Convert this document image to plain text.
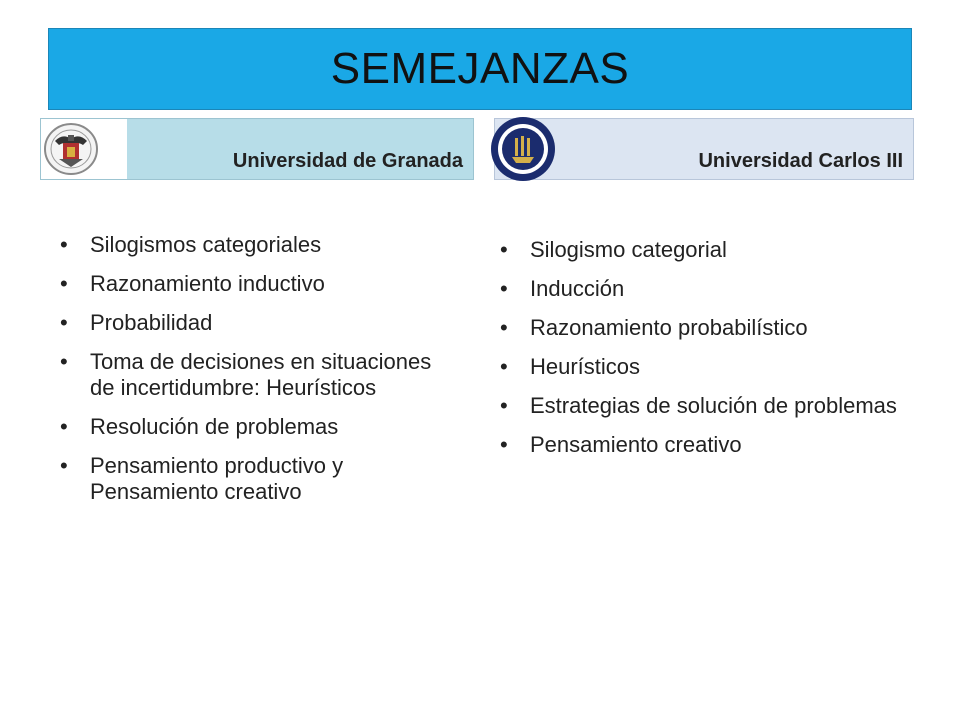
SEMEJANZAS
Universidad de Granada	Universidad Carlos III
• Silogismos categoriales
• Razonamiento inductivo
• Probabilidad
• Toma de decisiones en situaciones de incertidumbre: Heurísticos
• Resolución de problemas
• Pensamiento productivo y Pensamiento creativo
• Silogismo categorial
• Inducción
• Razonamiento probabilístico
• Heurísticos
• Estrategias de solución de problemas
• Pensamiento creativo
